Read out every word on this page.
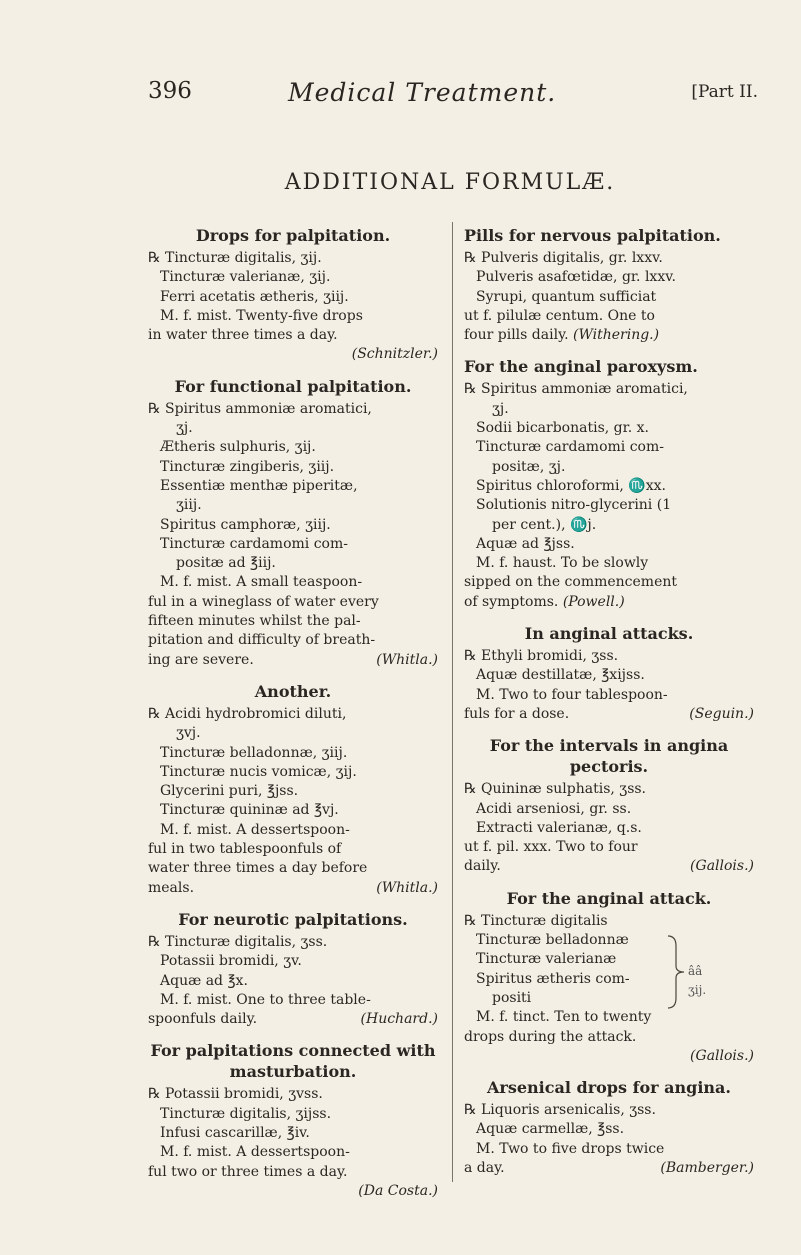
396	Medical Treatment.	[Part II.
ADDITIONAL FORMULÆ.
Drops for palpitation.

℞ Tincturæ digitalis, ʒij.

Tincturæ valerianæ, ʒij.

Ferri acetatis ætheris, ʒiij.

M. f. mist. Twenty-five drops

in water three times a day.

(Schnitzler.)

For functional palpitation.

℞ Spiritus ammoniæ aromatici,

ʒj.

Ætheris sulphuris, ʒij.

Tincturæ zingiberis, ʒiij.

Essentiæ menthæ piperitæ,

ʒiij.

Spiritus camphoræ, ʒiij.

Tincturæ cardamomi com-

positæ ad ℥iij.

M. f. mist. A small teaspoon-

ful in a wineglass of water every

fifteen minutes whilst the pal-

pitation and difficulty of breath-

ing are severe.	(Whitla.)

Another.

℞ Acidi hydrobromici diluti,

ʒvj.

Tincturæ belladonnæ, ʒiij.

Tincturæ nucis vomicæ, ʒij.

Glycerini puri, ℥jss.

Tincturæ quininæ ad ℥vj.

M. f. mist. A dessertspoon-

ful in two tablespoonfuls of

water three times a day before

meals.	(Whitla.)

For neurotic palpitations.

℞ Tincturæ digitalis, ʒss.

Potassii bromidi, ʒv.

Aquæ ad ℥x.

M. f. mist. One to three table-

spoonfuls daily.	(Huchard.)

For palpitations connected with masturbation.

℞ Potassii bromidi, ʒvss.

Tincturæ digitalis, ʒijss.

Infusi cascarillæ, ℥iv.

M. f. mist. A dessertspoon-

ful two or three times a day.

(Da Costa.)

Pills for nervous palpitation.

℞ Pulveris digitalis, gr. lxxv.

Pulveris asafœtidæ, gr. lxxv.

Syrupi, quantum sufficiat

ut f. pilulæ centum. One to

four pills daily. (Withering.)

For the anginal paroxysm.

℞ Spiritus ammoniæ aromatici,

ʒj.

Sodii bicarbonatis, gr. x.

Tincturæ cardamomi com-

positæ, ʒj.

Spiritus chloroformi, ♏xx.

Solutionis nitro-glycerini (1

per cent.), ♏j.

Aquæ ad ℥jss.

M. f. haust. To be slowly

sipped on the commencement

of symptoms. (Powell.)

In anginal attacks.

℞ Ethyli bromidi, ʒss.

Aquæ destillatæ, ℥xijss.

M. Two to four tablespoon-

fuls for a dose.	(Seguin.)

For the intervals in angina pectoris.

℞ Quininæ sulphatis, ʒss.

Acidi arseniosi, gr. ss.

Extracti valerianæ, q.s.

ut f. pil. xxx. Two to four

daily.	(Gallois.)

For the anginal attack.

℞ Tincturæ digitalis

Tincturæ belladonnæ

Tincturæ valerianæ

Spiritus ætheris com-

positi

ââ ʒij.

M. f. tinct. Ten to twenty

drops during the attack.

(Gallois.)

Arsenical drops for angina.

℞ Liquoris arsenicalis, ʒss.

Aquæ carmellæ, ℥ss.

M. Two to five drops twice

a day.	(Bamberger.)
